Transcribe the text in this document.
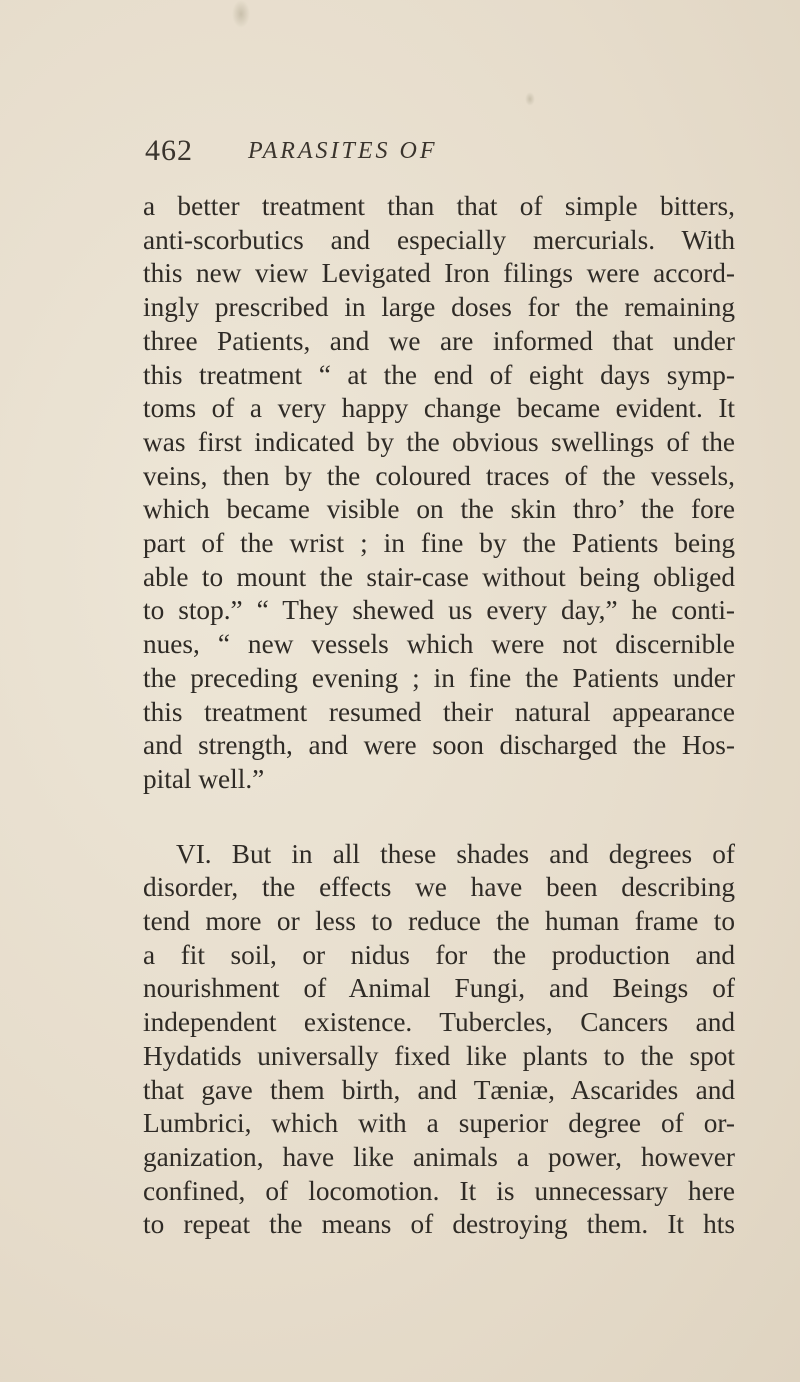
462 PARASITES OF
a better treatment than that of simple bitters,
anti-scorbutics and especially mercurials. With
this new view Levigated Iron filings were accord-
ingly prescribed in large doses for the remaining
three Patients, and we are informed that under
this treatment “ at the end of eight days symp-
toms of a very happy change became evident. It
was first indicated by the obvious swellings of the
veins, then by the coloured traces of the vessels,
which became visible on the skin thro’ the fore
part of the wrist ; in fine by the Patients being
able to mount the stair-case without being obliged
to stop.” “ They shewed us every day,” he conti-
nues, “ new vessels which were not discernible
the preceding evening ; in fine the Patients under
this treatment resumed their natural appearance
and strength, and were soon discharged the Hos-
pital well.”
VI. But in all these shades and degrees of
disorder, the effects we have been describing
tend more or less to reduce the human frame to
a fit soil, or nidus for the production and
nourishment of Animal Fungi, and Beings of
independent existence. Tubercles, Cancers and
Hydatids universally fixed like plants to the spot
that gave them birth, and Tæniæ, Ascarides and
Lumbrici, which with a superior degree of or-
ganization, have like animals a power, however
confined, of locomotion. It is unnecessary here
to repeat the means of destroying them. It hts
